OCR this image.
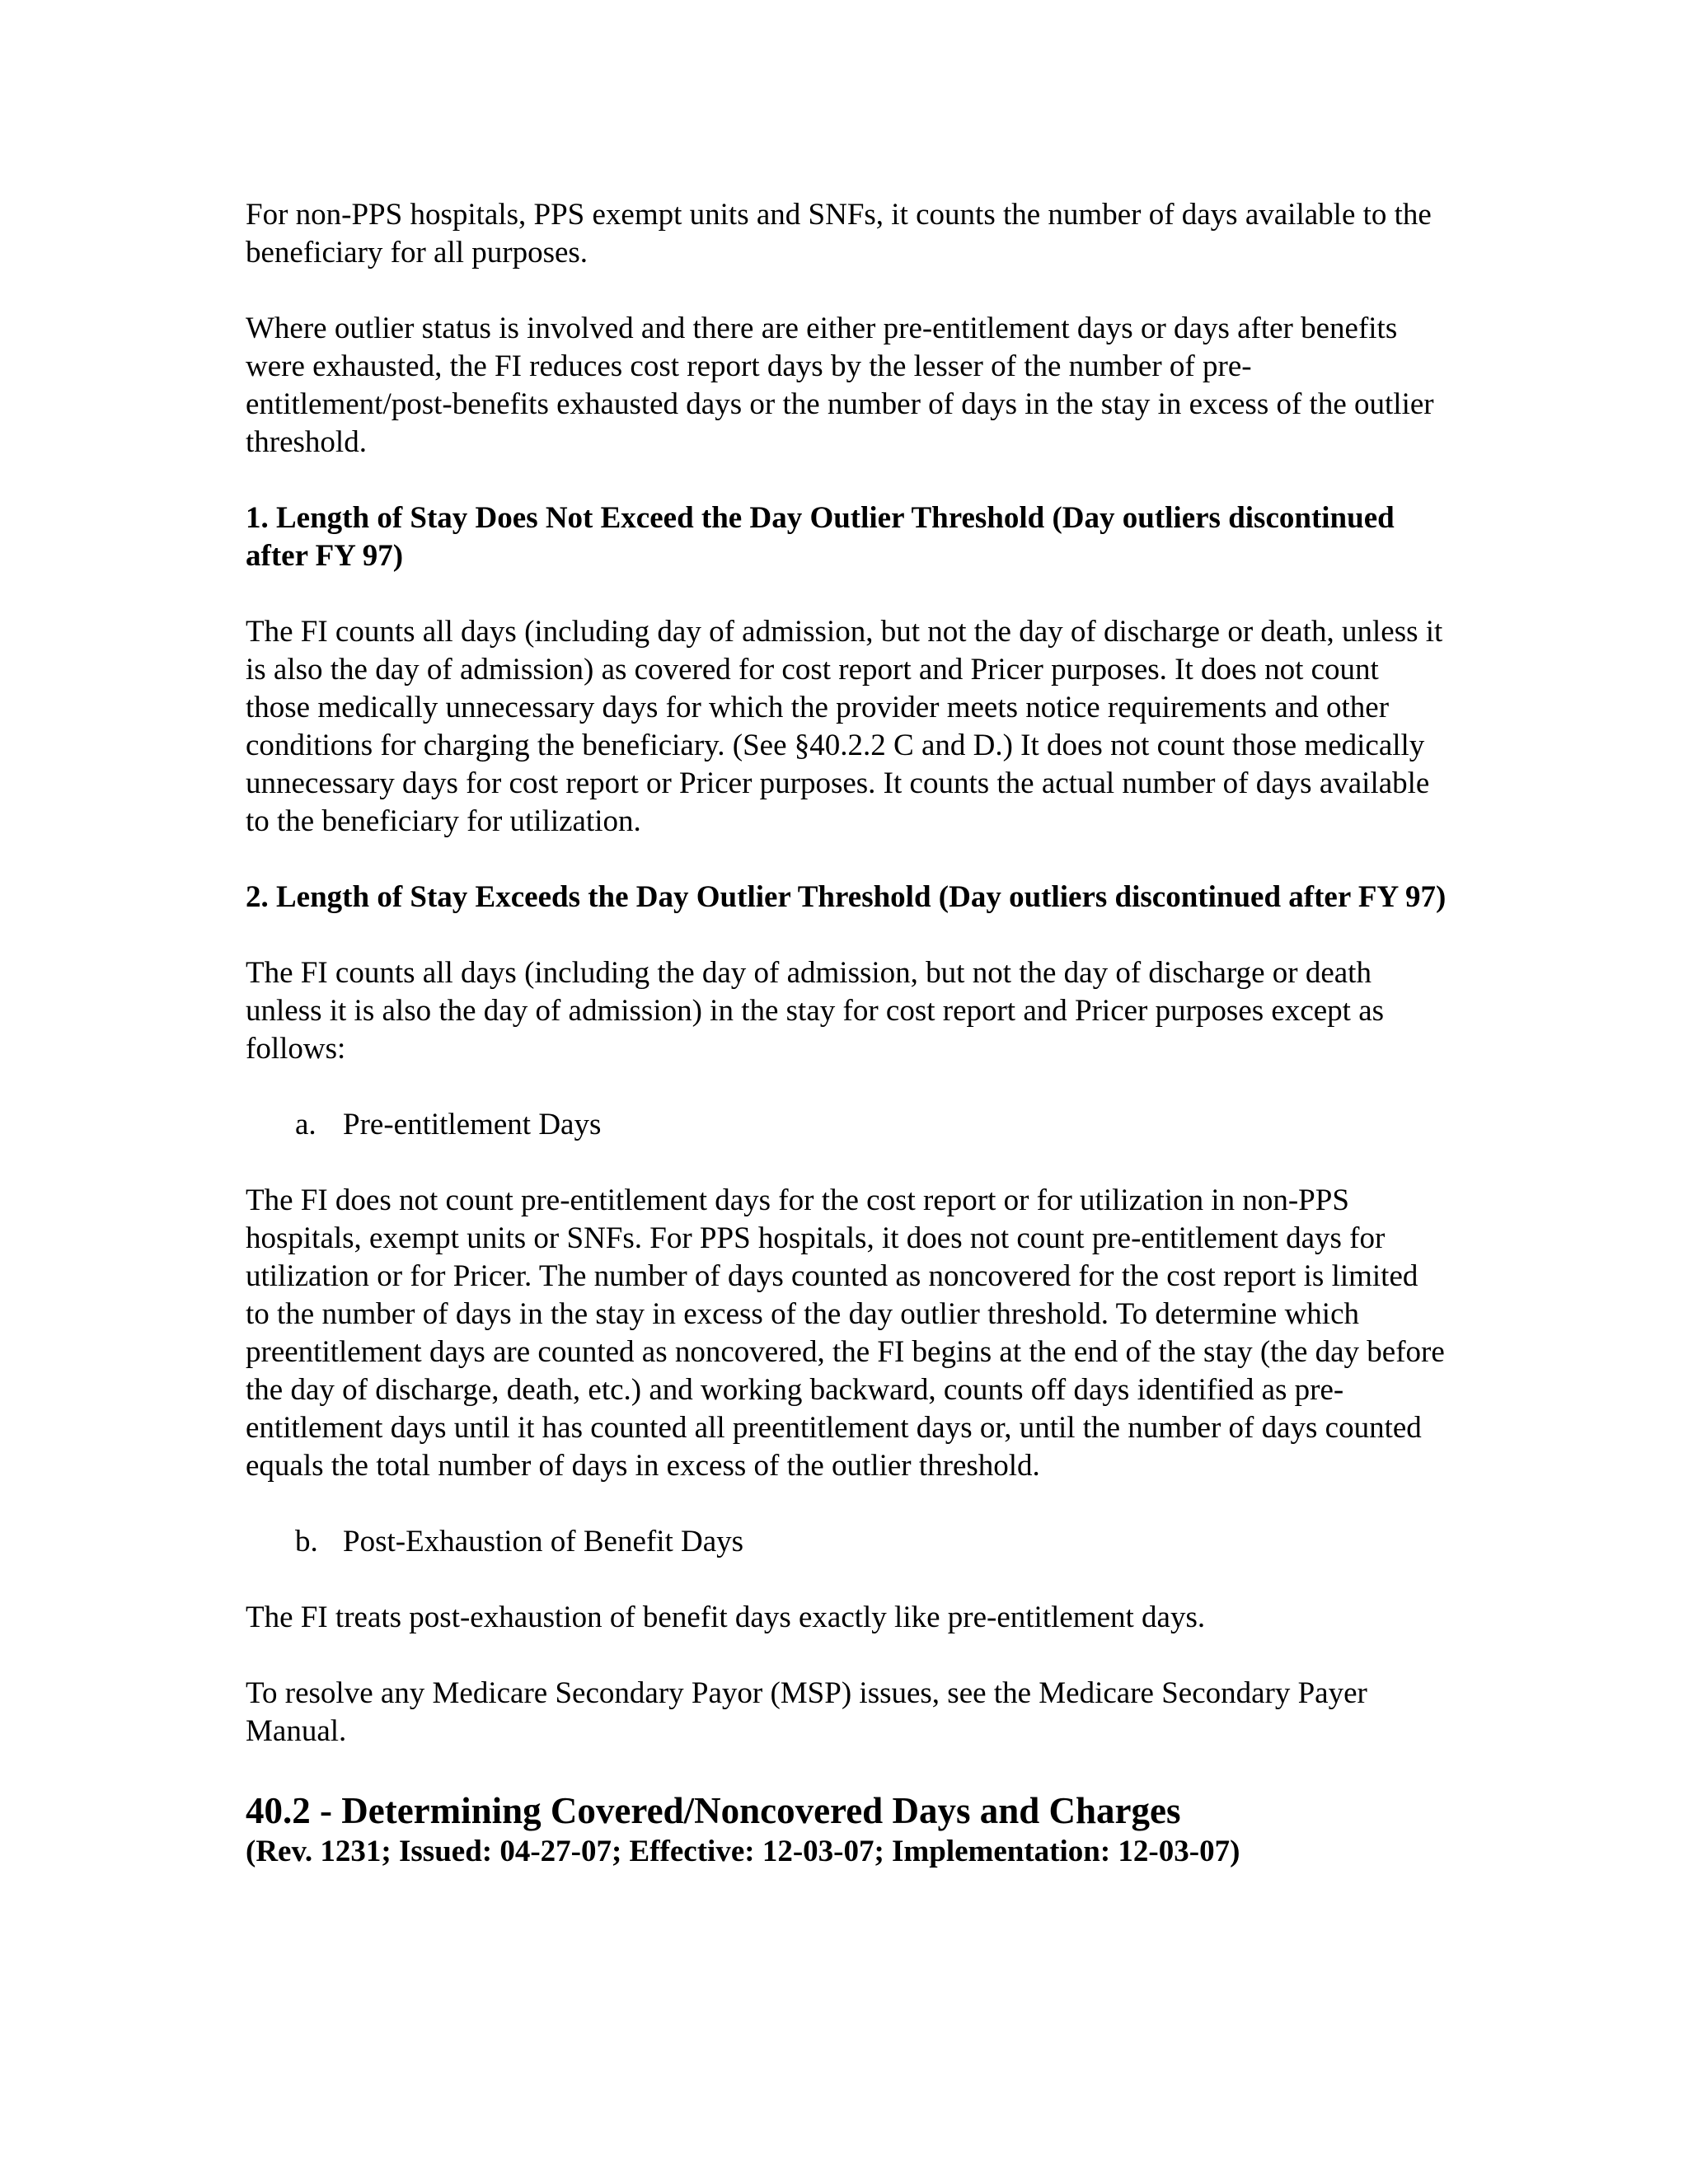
For non-PPS hospitals, PPS exempt units and SNFs, it counts the number of days available to the beneficiary for all purposes.

Where outlier status is involved and there are either pre-entitlement days or days after benefits were exhausted, the FI reduces cost report days by the lesser of the number of pre-entitlement/post-benefits exhausted days or the number of days in the stay in excess of the outlier threshold.

1. Length of Stay Does Not Exceed the Day Outlier Threshold (Day outliers discontinued after FY 97)

The FI counts all days (including day of admission, but not the day of discharge or death, unless it is also the day of admission) as covered for cost report and Pricer purposes. It does not count those medically unnecessary days for which the provider meets notice requirements and other conditions for charging the beneficiary. (See §40.2.2 C and D.) It does not count those medically unnecessary days for cost report or Pricer purposes. It counts the actual number of days available to the beneficiary for utilization.

2. Length of Stay Exceeds the Day Outlier Threshold (Day outliers discontinued after FY 97)

The FI counts all days (including the day of admission, but not the day of discharge or death unless it is also the day of admission) in the stay for cost report and Pricer purposes except as follows:

a. Pre-entitlement Days

The FI does not count pre-entitlement days for the cost report or for utilization in non-PPS hospitals, exempt units or SNFs. For PPS hospitals, it does not count pre-entitlement days for utilization or for Pricer. The number of days counted as noncovered for the cost report is limited to the number of days in the stay in excess of the day outlier threshold. To determine which preentitlement days are counted as noncovered, the FI begins at the end of the stay (the day before the day of discharge, death, etc.) and working backward, counts off days identified as pre-entitlement days until it has counted all preentitlement days or, until the number of days counted equals the total number of days in excess of the outlier threshold.

b. Post-Exhaustion of Benefit Days

The FI treats post-exhaustion of benefit days exactly like pre-entitlement days.

To resolve any Medicare Secondary Payor (MSP) issues, see the Medicare Secondary Payer Manual.

40.2 - Determining Covered/Noncovered Days and Charges

(Rev. 1231; Issued: 04-27-07; Effective: 12-03-07; Implementation: 12-03-07)
